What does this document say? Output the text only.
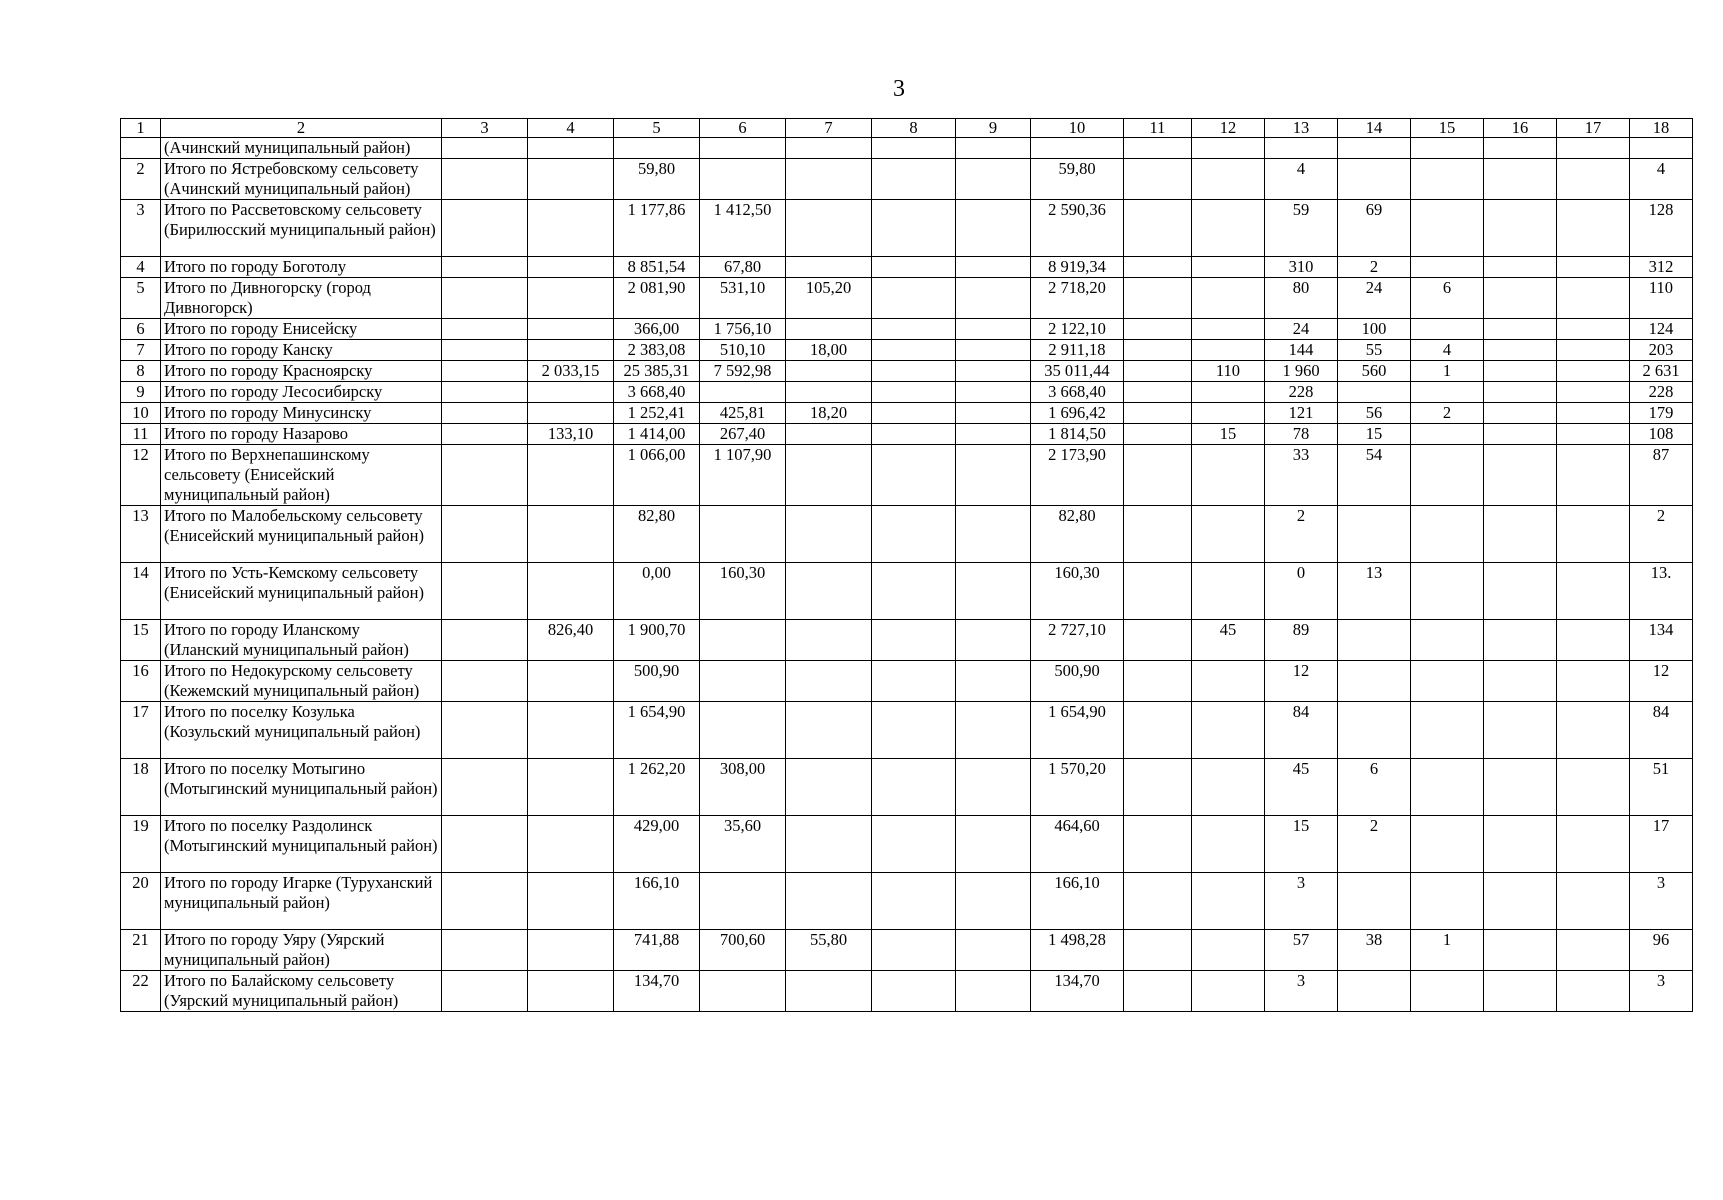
3
1	2	3	4	5	6	7	8	9	10	11	12	13	14	15	16	17	18
	(Ачинский муниципальный район)																
2	Итого по Ястребовскому сельсовету (Ачинский муниципальный район)			59,80					59,80			4					4
3	Итого по Рассветовскому сельсовету (Бирилюсский муниципальный район)			1 177,86	1 412,50				2 590,36			59	69				128
4	Итого по городу Боготолу			8 851,54	67,80				8 919,34			310	2				312
5	Итого по Дивногорску (город Дивногорск)			2 081,90	531,10	105,20			2 718,20			80	24	6			110
6	Итого по городу Енисейску			366,00	1 756,10				2 122,10			24	100				124
7	Итого по городу Канску			2 383,08	510,10	18,00			2 911,18			144	55	4			203
8	Итого по городу Красноярску		2 033,15	25 385,31	7 592,98				35 011,44		110	1 960	560	1			2 631
9	Итого по городу Лесосибирску			3 668,40					3 668,40			228					228
10	Итого по городу Минусинску			1 252,41	425,81	18,20			1 696,42			121	56	2			179
11	Итого по городу Назарово		133,10	1 414,00	267,40				1 814,50		15	78	15				108
12	Итого по Верхнепашинскому сельсовету (Енисейский муниципальный район)			1 066,00	1 107,90				2 173,90			33	54				87
13	Итого по Малобельскому сельсовету (Енисейский муниципальный район)			82,80					82,80			2					2
14	Итого по Усть-Кемскому сельсовету (Енисейский муниципальный район)			0,00	160,30				160,30			0	13				13.
15	Итого по городу Иланскому (Иланский муниципальный район)		826,40	1 900,70					2 727,10		45	89					134
16	Итого по Недокурскому сельсовету (Кежемский муниципальный район)			500,90					500,90			12					12
17	Итого по поселку Козулька (Козульский муниципальный район)			1 654,90					1 654,90			84					84
18	Итого по поселку Мотыгино (Мотыгинский муниципальный район)			1 262,20	308,00				1 570,20			45	6				51
19	Итого по поселку Раздолинск (Мотыгинский муниципальный район)			429,00	35,60				464,60			15	2				17
20	Итого по городу Игарке (Туруханский муниципальный район)			166,10					166,10			3					3
21	Итого по городу Уяру (Уярский муниципальный район)			741,88	700,60	55,80			1 498,28			57	38	1			96
22	Итого по Балайскому сельсовету (Уярский муниципальный район)			134,70					134,70			3					3
